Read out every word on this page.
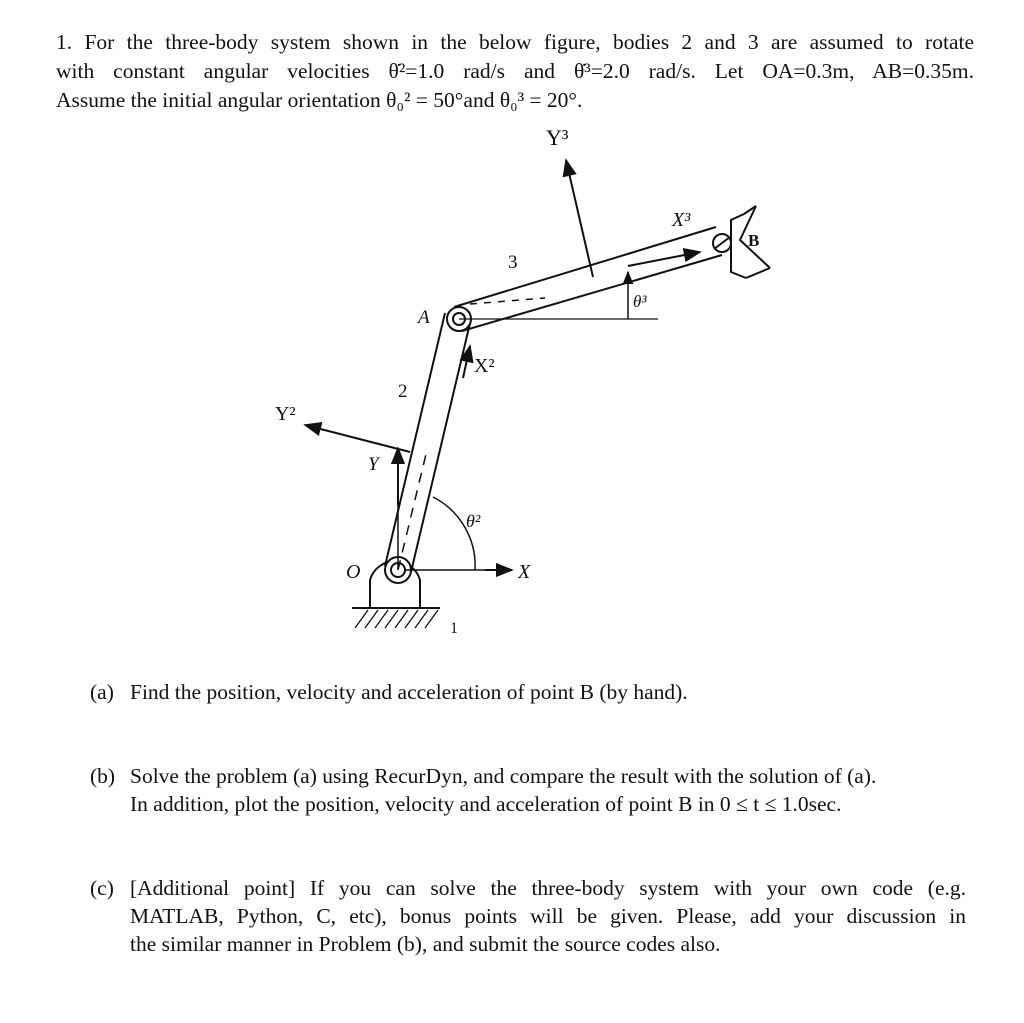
1. For the three-body system shown in the below figure, bodies 2 and 3 are assumed to rotate

with constant angular velocities θ̇²=1.0 rad/s and θ̇³=2.0 rad/s. Let OA=0.3m, AB=0.35m.

Assume the initial angular orientation θ₀² = 50°and θ₀³ = 20°.

Y³
X³
B
3
θ³
A
X²
2
Y²
Y
θ²
O	X
1
(a) Find the position, velocity and acceleration of point B (by hand).
(b) Solve the problem (a) using RecurDyn, and compare the result with the solution of (a).
In addition, plot the position, velocity and acceleration of point B in 0 ≤ t ≤ 1.0sec.
(c) [Additional point] If you can solve the three-body system with your own code (e.g.
MATLAB, Python, C, etc), bonus points will be given. Please, add your discussion in
the similar manner in Problem (b), and submit the source codes also.
